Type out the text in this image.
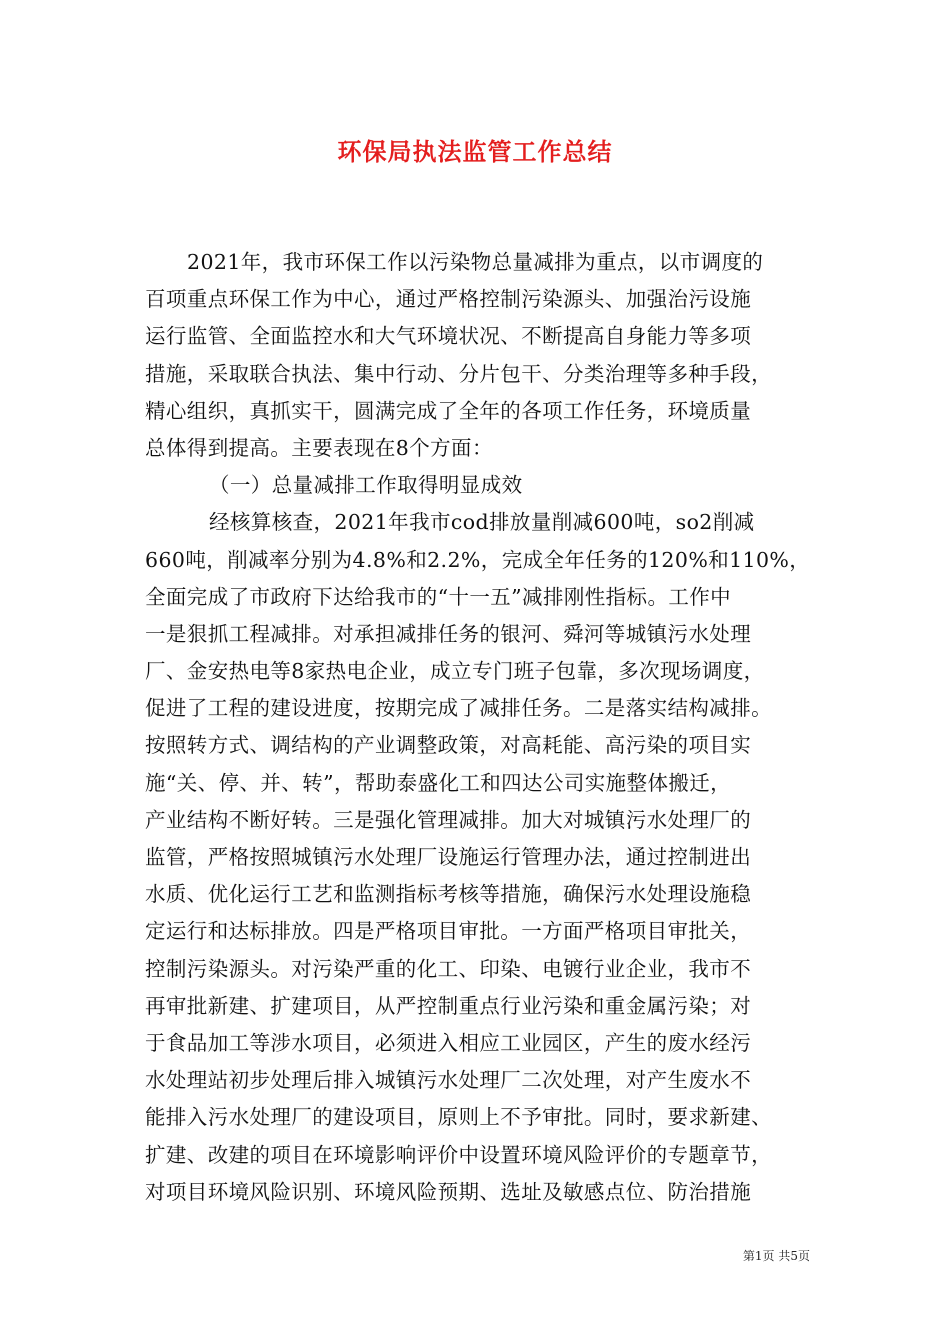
环保局执法监管工作总结
2021年，我市环保工作以污染物总量减排为重点，以市调度的
百项重点环保工作为中心，通过严格控制污染源头、加强治污设施
运行监管、全面监控水和大气环境状况、不断提高自身能力等多项
措施，采取联合执法、集中行动、分片包干、分类治理等多种手段，
精心组织，真抓实干，圆满完成了全年的各项工作任务，环境质量
总体得到提高。主要表现在8个方面：
（一）总量减排工作取得明显成效
经核算核查，2021年我市cod排放量削减600吨，so2削减
660吨，削减率分别为4.8%和2.2%，完成全年任务的120%和110%，
全面完成了市政府下达给我市的“十一五”减排刚性指标。工作中
一是狠抓工程减排。对承担减排任务的银河、舜河等城镇污水处理
厂、金安热电等8家热电企业，成立专门班子包靠，多次现场调度，
促进了工程的建设进度，按期完成了减排任务。二是落实结构减排。
按照转方式、调结构的产业调整政策，对高耗能、高污染的项目实
施“关、停、并、转”，帮助泰盛化工和四达公司实施整体搬迁，
产业结构不断好转。三是强化管理减排。加大对城镇污水处理厂的
监管，严格按照城镇污水处理厂设施运行管理办法，通过控制进出
水质、优化运行工艺和监测指标考核等措施，确保污水处理设施稳
定运行和达标排放。四是严格项目审批。一方面严格项目审批关，
控制污染源头。对污染严重的化工、印染、电镀行业企业，我市不
再审批新建、扩建项目，从严控制重点行业污染和重金属污染；对
于食品加工等涉水项目，必须进入相应工业园区，产生的废水经污
水处理站初步处理后排入城镇污水处理厂二次处理，对产生废水不
能排入污水处理厂的建设项目，原则上不予审批。同时，要求新建、
扩建、改建的项目在环境影响评价中设置环境风险评价的专题章节，
对项目环境风险识别、环境风险预期、选址及敏感点位、防治措施
第1页 共5页
